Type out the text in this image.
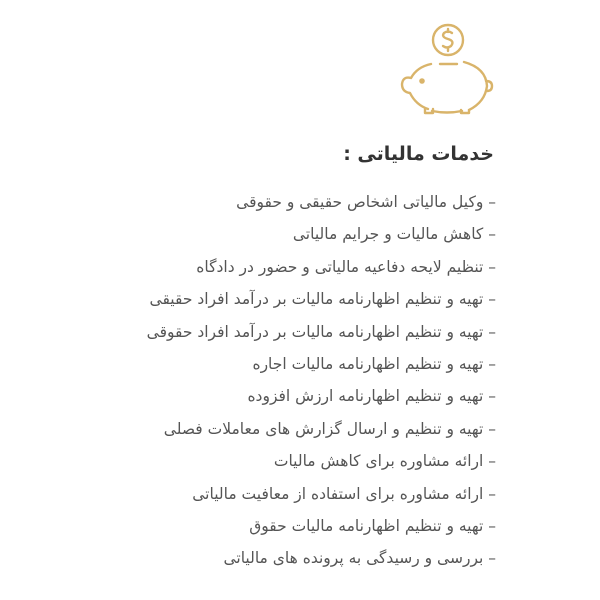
خدمات مالیاتی :
– وکیل مالیاتی اشخاص حقیقی و حقوقی
– کاهش مالیات و جرایم مالیاتی
– تنظیم لایحه دفاعیه مالیاتی و حضور در دادگاه
– تهیه و تنظیم اظهارنامه مالیات بر درآمد افراد حقیقی
– تهیه و تنظیم اظهارنامه مالیات بر درآمد افراد حقوقی
– تهیه و تنظیم اظهارنامه مالیات اجاره
– تهیه و تنظیم اظهارنامه ارزش افزوده
– تهیه و تنظیم و ارسال گزارش های معاملات فصلی
– ارائه مشاوره برای کاهش مالیات
– ارائه مشاوره برای استفاده از معافیت مالیاتی
– تهیه و تنظیم اظهارنامه مالیات حقوق
– بررسی و رسیدگی به پرونده های مالیاتی
